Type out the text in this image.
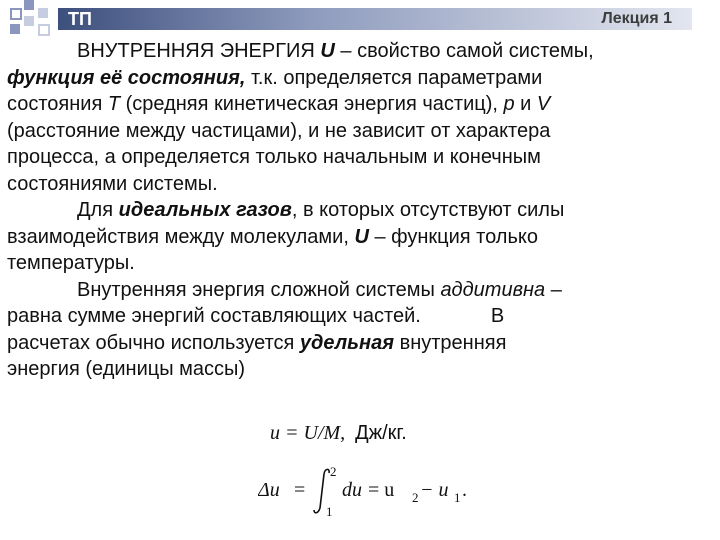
ТП	Лекция 1

ВНУТРЕННЯЯ ЭНЕРГИЯ U – свойство самой системы,
функция её состояния, т.к. определяется параметрами
состояния T (средняя кинетическая энергия частиц), p и V
(расстояние между частицами), и не зависит от характера
процесса, а определяется только начальным и конечным
состояниями системы.

Для идеальных газов, в которых отсутствуют силы
взаимодействия между молекулами, U – функция только
температуры.

Внутренняя энергия сложной системы аддитивна –
равна сумме энергий составляющих частей.	В
расчетах обычно используется удельная внутренняя
энергия (единицы массы)

u = U/M, Дж/кг.
Δu =
2
1
du = u 2 − u 1 .
